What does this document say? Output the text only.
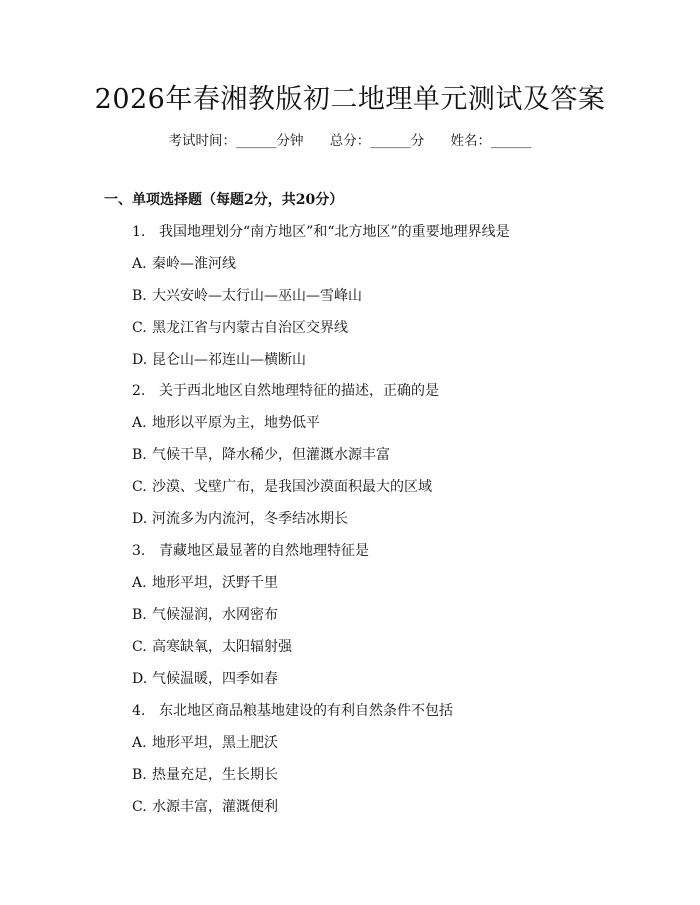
2026年春湘教版初二地理单元测试及答案
考试时间：______分钟 总分：______分 姓名：______
一、单项选择题（每题2分，共20分）
1. 我国地理划分“南方地区”和“北方地区”的重要地理界线是
A. 秦岭—淮河线
B. 大兴安岭—太行山—巫山—雪峰山
C. 黑龙江省与内蒙古自治区交界线
D. 昆仑山—祁连山—横断山
2. 关于西北地区自然地理特征的描述，正确的是
A. 地形以平原为主，地势低平
B. 气候干旱，降水稀少，但灌溉水源丰富
C. 沙漠、戈壁广布，是我国沙漠面积最大的区域
D. 河流多为内流河，冬季结冰期长
3. 青藏地区最显著的自然地理特征是
A. 地形平坦，沃野千里
B. 气候湿润，水网密布
C. 高寒缺氧，太阳辐射强
D. 气候温暖，四季如春
4. 东北地区商品粮基地建设的有利自然条件不包括
A. 地形平坦，黑土肥沃
B. 热量充足，生长期长
C. 水源丰富，灌溉便利
